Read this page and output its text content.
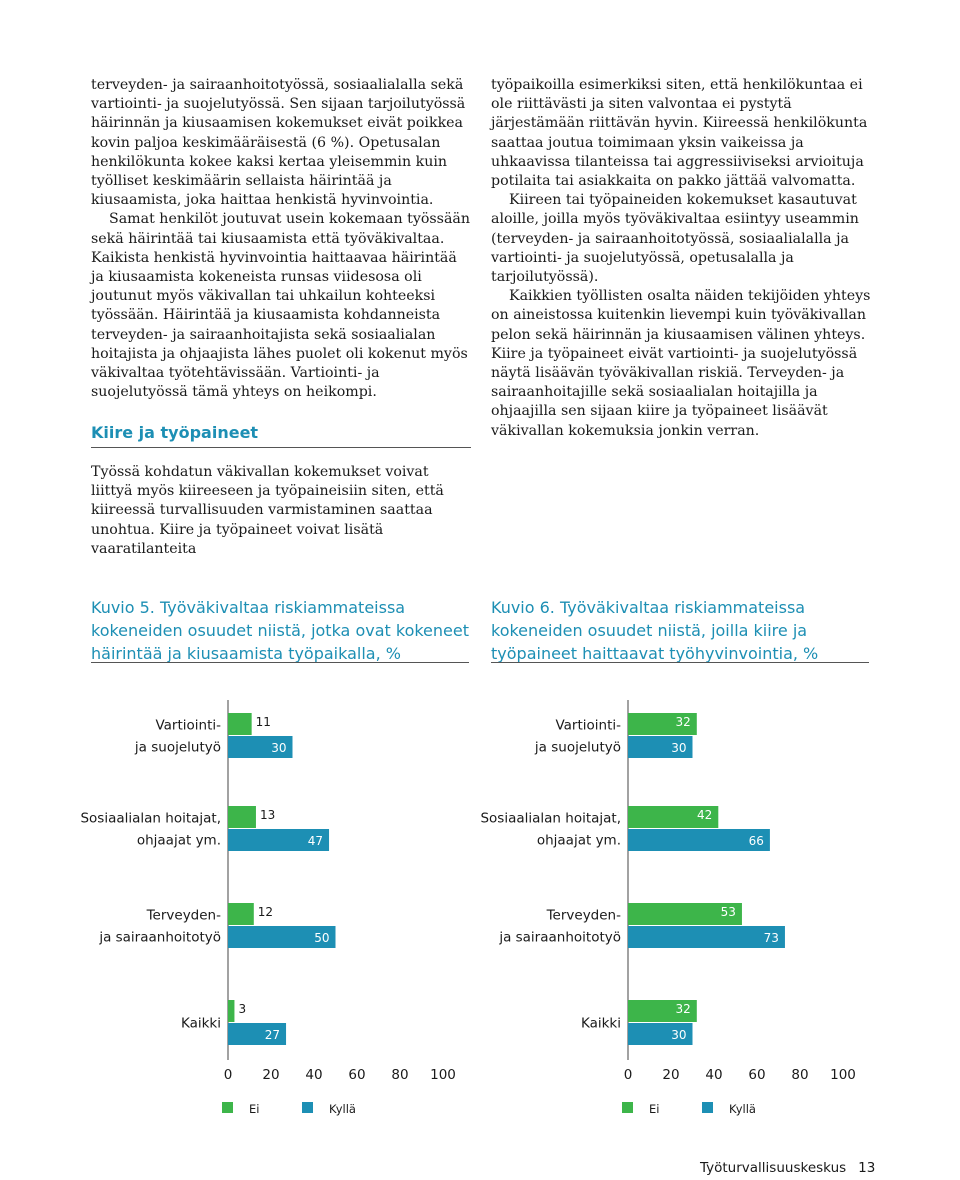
terveyden- ja sairaanhoitotyössä, sosiaalialalla sekä vartiointi- ja suojelutyössä. Sen sijaan tarjoilutyössä häirinnän ja kiusaamisen kokemukset eivät poikkea kovin paljoa keskimääräisestä (6 %). Opetusalan henkilökunta kokee kaksi kertaa yleisemmin kuin työlliset keskimäärin sellaista häirintää ja kiusaamista, joka haittaa henkistä hyvinvointia.

Samat henkilöt joutuvat usein kokemaan työssään sekä häirintää tai kiusaamista että työväkivaltaa. Kaikista henkistä hyvinvointia haittaavaa häirintää ja kiusaamista kokeneista runsas viidesosa oli joutunut myös väkivallan tai uhkailun kohteeksi työssään. Häirintää ja kiusaamista kohdanneista terveyden- ja sairaanhoitajista sekä sosiaalialan hoitajista ja ohjaajista lähes puolet oli kokenut myös väkivaltaa työtehtävissään. Vartiointi- ja suojelutyössä tämä yhteys on heikompi.

Kiire ja työpaineet

Työssä kohdatun väkivallan kokemukset voivat liittyä myös kiireeseen ja työpaineisiin siten, että kiireessä turvallisuuden varmistaminen saattaa unohtua. Kiire ja työpaineet voivat lisätä vaaratilanteita

työpaikoilla esimerkiksi siten, että henkilökuntaa ei ole riittävästi ja siten valvontaa ei pystytä järjestämään riittävän hyvin. Kiireessä henkilökunta saattaa joutua toimimaan yksin vaikeissa ja uhkaavissa tilanteissa tai aggressiiviseksi arvioituja potilaita tai asiakkaita on pakko jättää valvomatta.

Kiireen tai työpaineiden kokemukset kasautuvat aloille, joilla myös työväkivaltaa esiintyy useammin (terveyden- ja sairaanhoitotyössä, sosiaalialalla ja vartiointi- ja suojelutyössä, opetusalalla ja tarjoilutyössä).

Kaikkien työllisten osalta näiden tekijöiden yhteys on aineistossa kuitenkin lievempi kuin työväkivallan pelon sekä häirinnän ja kiusaamisen välinen yhteys. Kiire ja työpaineet eivät vartiointi- ja suojelutyössä näytä lisäävän työväkivallan riskiä. Terveyden- ja sairaanhoitajille sekä sosiaalialan hoitajilla ja ohjaajilla sen sijaan kiire ja työpaineet lisäävät väkivallan kokemuksia jonkin verran.

Kuvio 5. Työväkivaltaa riskiammateissa kokeneiden osuudet niistä, jotka ovat kokeneet häirintää ja kiusaamista työpaikalla, %
Kuvio 6. Työväkivaltaa riskiammateissa kokeneiden osuudet niistä, joilla kiire ja työpaineet haittaavat työhyvinvointia, %
11
30
Vartiointi-
ja suojelutyö
13
47
Sosiaalialan hoitajat,
ohjaajat ym.
12
50
Terveyden-
ja sairaanhoitotyö
3
27
Kaikki
0 20 40 60 80 100
Ei	Kyllä
32
30
Vartiointi-
ja suojelutyö
42
66
Sosiaalialan hoitajat,
ohjaajat ym.
53
73
Terveyden-
ja sairaanhoitotyö
32
30
Kaikki
0 20 40 60 80 100
Ei	Kyllä
Työturvallisuuskeskus 13
